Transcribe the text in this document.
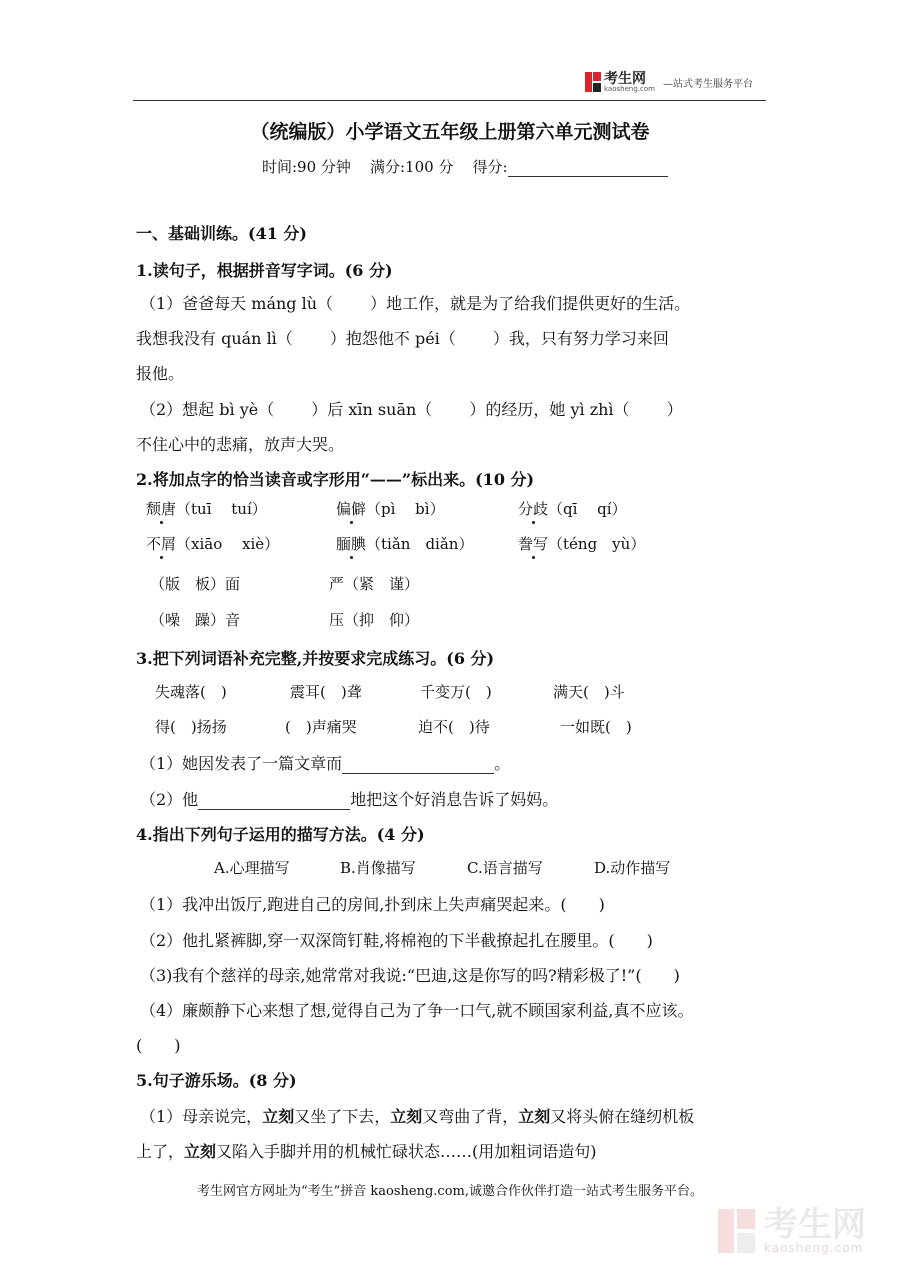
考生网
kaosheng.com —站式考生服务平台
（统编版）小学语文五年级上册第六单元测试卷
时间:90 分钟 满分:100 分 得分:
一、基础训练。(41 分)
1.读句子，根据拼音写字词。(6 分)
（1）爸爸每天 máng lù（　　 ）地工作，就是为了给我们提供更好的生活。
我想我没有 quán lì（　　 ）抱怨他不 péi（　　 ）我，只有努力学习来回
报他。
（2）想起 bì yè（　　 ）后 xīn suān（　　 ）的经历，她 yì zhì（　　 ）
不住心中的悲痛，放声大哭。
2.将加点字的恰当读音或字形用“——”标出来。(10 分)
颓唐（tuī　 tuí）	偏僻（pì　 bì）	分歧（qī　 qí）
不屑（xiāo　 xiè）	腼腆（tiǎn　diǎn）	誊写（téng　yù）
（版　板）面	严（紧　谨）
（噪　躁）音	压（抑　仰）
3.把下列词语补充完整,并按要求完成练习。(6 分)
失魂落(　)	震耳(　)聋	千变万(　)	满天(　)斗
得(　)扬扬	(　)声痛哭	迫不(　)待	一如既(　)
（1）她因发表了一篇文章而	。
（2）他	地把这个好消息告诉了妈妈。
4.指出下列句子运用的描写方法。(4 分)
A.心理描写	B.肖像描写	C.语言描写	D.动作描写
（1）我冲出饭厅,跑进自己的房间,扑到床上失声痛哭起来。(　　)
（2）他扎紧裤脚,穿一双深筒钉鞋,将棉袍的下半截撩起扎在腰里。(　　)
（3)我有个慈祥的母亲,她常常对我说:“巴迪,这是你写的吗?精彩极了!”(　　)
（4）廉颇静下心来想了想,觉得自己为了争一口气,就不顾国家利益,真不应该。
(　　)
5.句子游乐场。(8 分)
（1）母亲说完，立刻又坐了下去，立刻又弯曲了背，立刻又将头俯在缝纫机板
上了，立刻又陷入手脚并用的机械忙碌状态……(用加粗词语造句)
考生网官方网址为“考生”拼音 kaosheng.com,诚邀合作伙伴打造一站式考生服务平台。
考生网
kaosheng.com
